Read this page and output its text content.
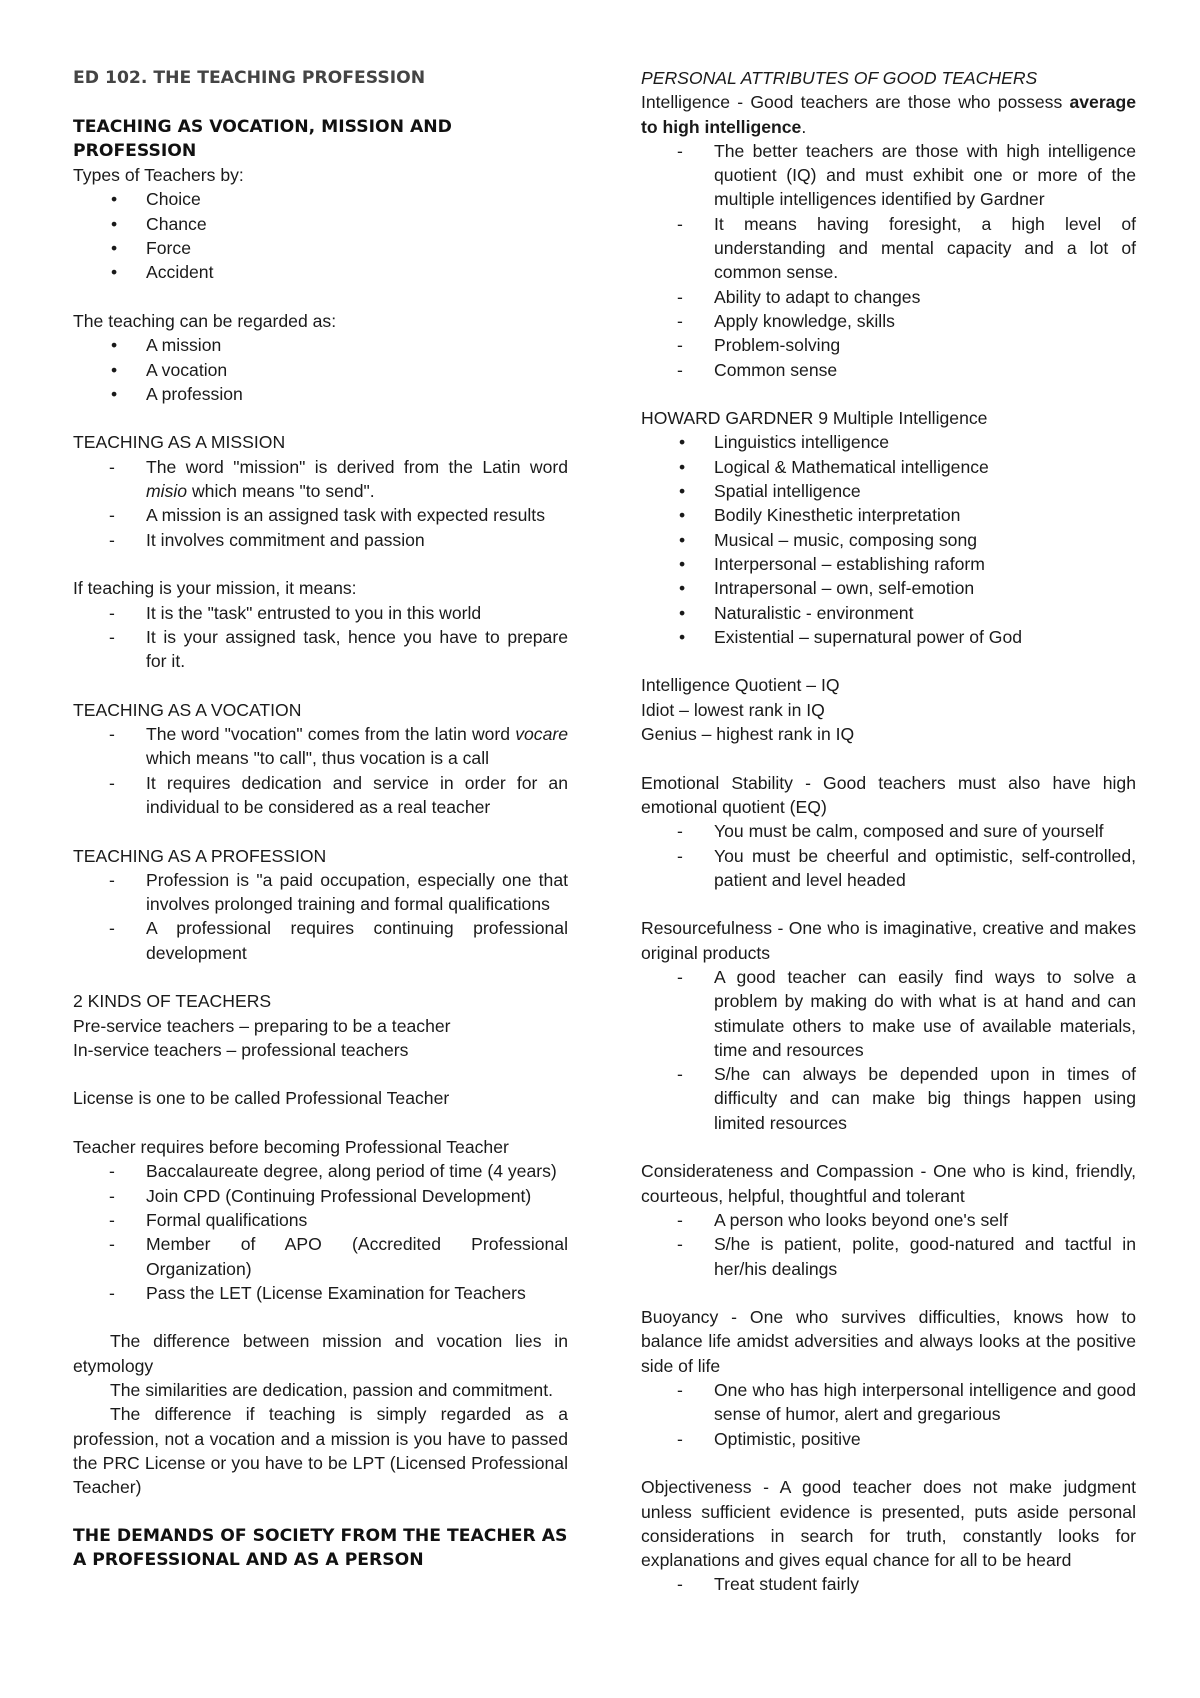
ED 102. THE TEACHING PROFESSION

TEACHING AS VOCATION, MISSION AND PROFESSION

Types of Teachers by:

• Choice
• Chance
• Force
• Accident

The teaching can be regarded as:

• A mission
• A vocation
• A profession

TEACHING AS A MISSION

- The word "mission" is derived from the Latin word misio which means "to send".
- A mission is an assigned task with expected results
- It involves commitment and passion

If teaching is your mission, it means:

- It is the "task" entrusted to you in this world
- It is your assigned task, hence you have to prepare for it.

TEACHING AS A VOCATION

- The word "vocation" comes from the latin word vocare which means "to call", thus vocation is a call
- It requires dedication and service in order for an individual to be considered as a real teacher

TEACHING AS A PROFESSION

- Profession is "a paid occupation, especially one that involves prolonged training and formal qualifications
- A professional requires continuing professional development

2 KINDS OF TEACHERS

Pre-service teachers – preparing to be a teacher

In-service teachers – professional teachers

License is one to be called Professional Teacher

Teacher requires before becoming Professional Teacher

- Baccalaureate degree, along period of time (4 years)
- Join CPD (Continuing Professional Development)
- Formal qualifications
- Member of APO (Accredited Professional Organization)
- Pass the LET (License Examination for Teachers

The difference between mission and vocation lies in etymology

The similarities are dedication, passion and commitment.

The difference if teaching is simply regarded as a profession, not a vocation and a mission is you have to passed the PRC License or you have to be LPT (Licensed Professional Teacher)

THE DEMANDS OF SOCIETY FROM THE TEACHER AS A PROFESSIONAL AND AS A PERSON

PERSONAL ATTRIBUTES OF GOOD TEACHERS

Intelligence - Good teachers are those who possess average to high intelligence.

- The better teachers are those with high intelligence quotient (IQ) and must exhibit one or more of the multiple intelligences identified by Gardner
- It means having foresight, a high level of understanding and mental capacity and a lot of common sense.
- Ability to adapt to changes
- Apply knowledge, skills
- Problem-solving
- Common sense

HOWARD GARDNER 9 Multiple Intelligence

• Linguistics intelligence
• Logical & Mathematical intelligence
• Spatial intelligence
• Bodily Kinesthetic interpretation
• Musical – music, composing song
• Interpersonal – establishing raform
• Intrapersonal – own, self-emotion
• Naturalistic - environment
• Existential – supernatural power of God

Intelligence Quotient – IQ

Idiot – lowest rank in IQ

Genius – highest rank in IQ

Emotional Stability - Good teachers must also have high emotional quotient (EQ)

- You must be calm, composed and sure of yourself
- You must be cheerful and optimistic, self-controlled, patient and level headed

Resourcefulness - One who is imaginative, creative and makes original products

- A good teacher can easily find ways to solve a problem by making do with what is at hand and can stimulate others to make use of available materials, time and resources
- S/he can always be depended upon in times of difficulty and can make big things happen using limited resources

Considerateness and Compassion - One who is kind, friendly, courteous, helpful, thoughtful and tolerant

- A person who looks beyond one's self
- S/he is patient, polite, good-natured and tactful in her/his dealings

Buoyancy - One who survives difficulties, knows how to balance life amidst adversities and always looks at the positive side of life

- One who has high interpersonal intelligence and good sense of humor, alert and gregarious
- Optimistic, positive

Objectiveness - A good teacher does not make judgment unless sufficient evidence is presented, puts aside personal considerations in search for truth, constantly looks for explanations and gives equal chance for all to be heard

- Treat student fairly
